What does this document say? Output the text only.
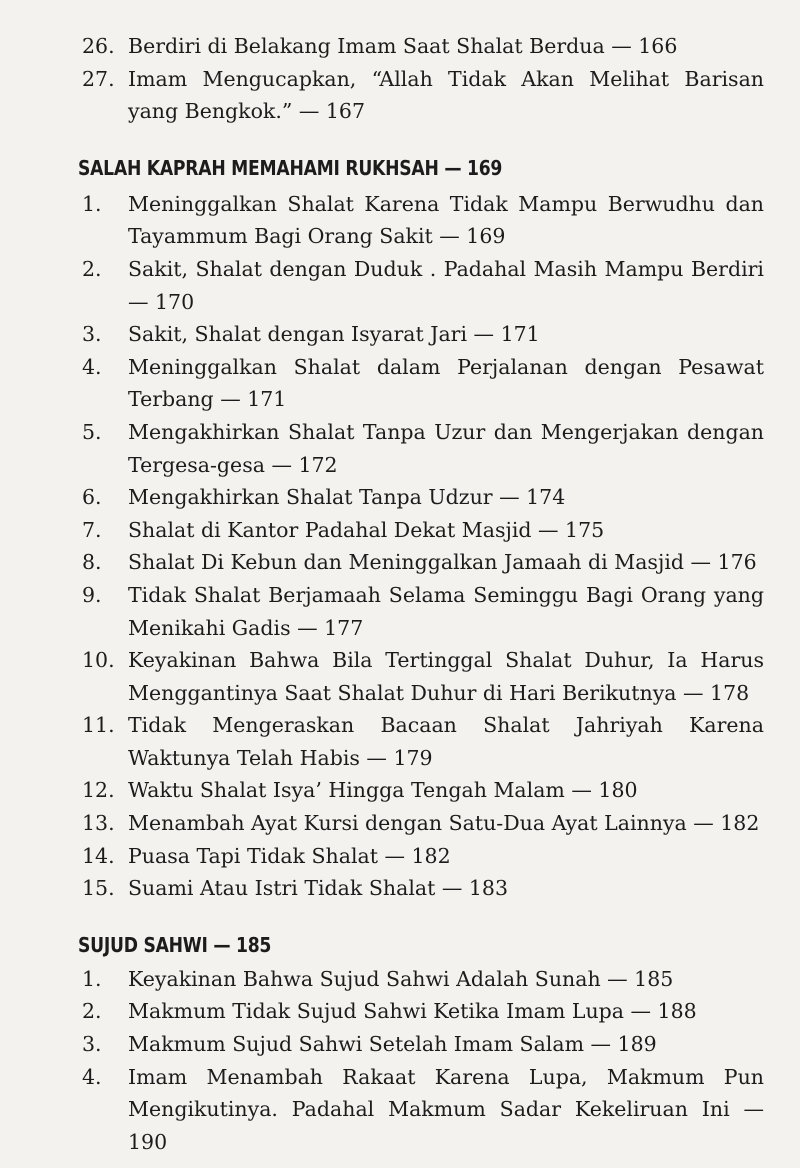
26. Berdiri di Belakang Imam Saat Shalat Berdua — 166
27. Imam Mengucapkan, “Allah Tidak Akan Melihat Barisan yang Bengkok.” — 167
SALAH KAPRAH MEMAHAMI RUKHSAH — 169
1.	Meninggalkan Shalat Karena Tidak Mampu Berwudhu dan Tayammum Bagi Orang Sakit — 169
2.	Sakit, Shalat dengan Duduk . Padahal Masih Mampu Berdiri — 170
3.	Sakit, Shalat dengan Isyarat Jari — 171
4.	Meninggalkan Shalat dalam Perjalanan dengan Pesawat Terbang — 171
5.	Mengakhirkan Shalat Tanpa Uzur dan Mengerjakan dengan Tergesa-gesa — 172
6.	Mengakhirkan Shalat Tanpa Udzur — 174
7.	Shalat di Kantor Padahal Dekat Masjid — 175
8.	Shalat Di Kebun dan Meninggalkan Jamaah di Masjid — 176
9.	Tidak Shalat Berjamaah Selama Seminggu Bagi Orang yang Menikahi Gadis — 177
10. Keyakinan Bahwa Bila Tertinggal Shalat Duhur, Ia Harus Menggantinya Saat Shalat Duhur di Hari Berikutnya — 178
11. Tidak Mengeraskan Bacaan Shalat Jahriyah Karena Waktunya Telah Habis — 179
12. Waktu Shalat Isya’ Hingga Tengah Malam — 180
13. Menambah Ayat Kursi dengan Satu-Dua Ayat Lainnya — 182
14. Puasa Tapi Tidak Shalat — 182
15. Suami Atau Istri Tidak Shalat — 183
SUJUD SAHWI — 185
1.	Keyakinan Bahwa Sujud Sahwi Adalah Sunah — 185
2.	Makmum Tidak Sujud Sahwi Ketika Imam Lupa — 188
3.	Makmum Sujud Sahwi Setelah Imam Salam — 189
4.	Imam Menambah Rakaat Karena Lupa, Makmum Pun Mengikutinya. Padahal Makmum Sadar Kekeliruan Ini — 190
